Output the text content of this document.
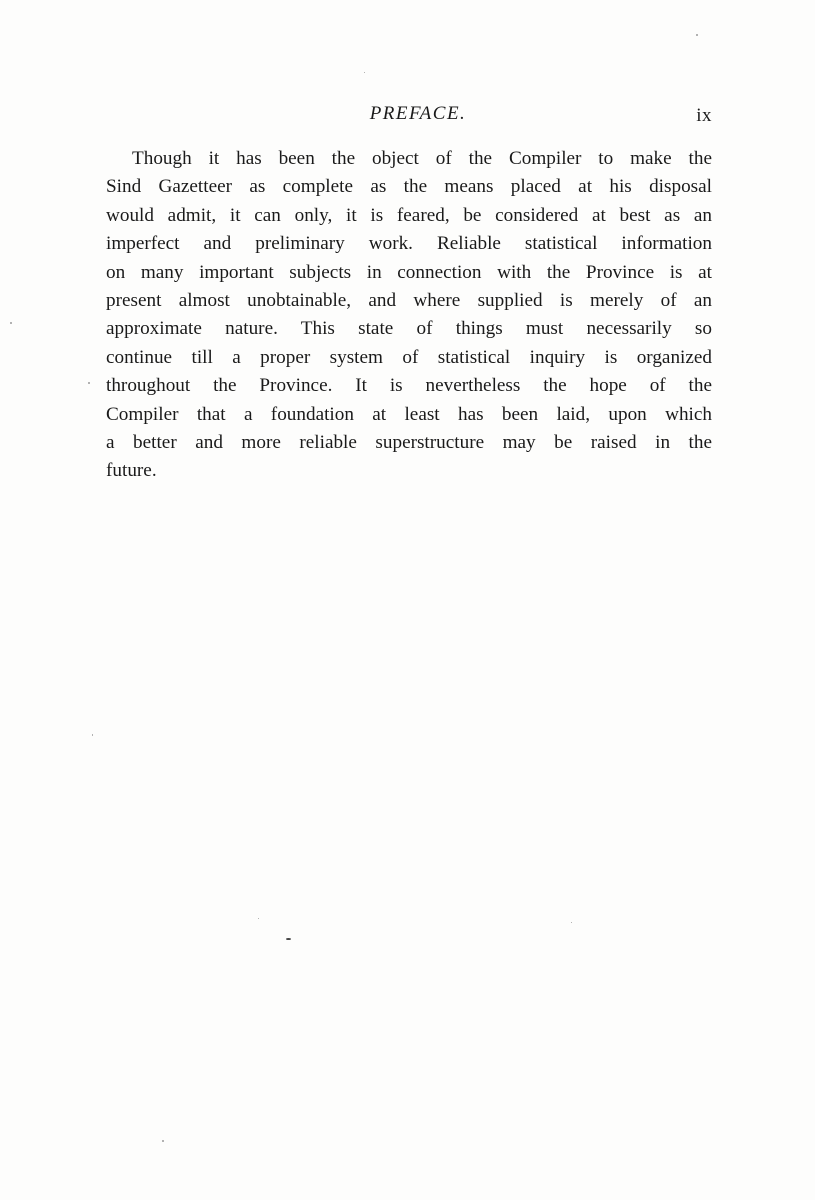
PREFACE.	ix
Though it has been the object of the Compiler to make the
Sind Gazetteer as complete as the means placed at his disposal
would admit, it can only, it is feared, be considered at best as an
imperfect and preliminary work. Reliable statistical information
on many important subjects in connection with the Province is at
present almost unobtainable, and where supplied is merely of an
approximate nature. This state of things must necessarily so
continue till a proper system of statistical inquiry is organized
throughout the Province. It is nevertheless the hope of the
Compiler that a foundation at least has been laid, upon which
a better and more reliable superstructure may be raised in the
future.
